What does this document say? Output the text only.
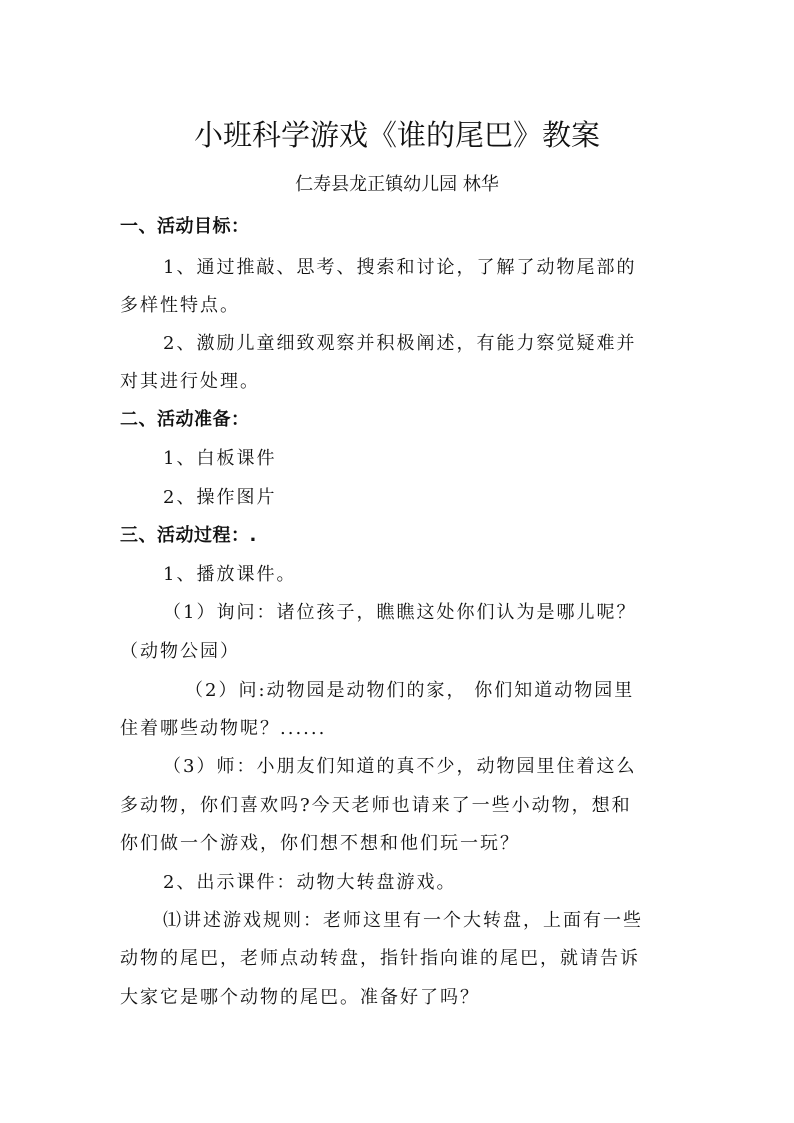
小班科学游戏《谁的尾巴》教案
仁寿县龙正镇幼儿园 林华
一、活动目标：
1、通过推敲、思考、搜索和讨论，了解了动物尾部的
多样性特点。
2、激励儿童细致观察并积极阐述，有能力察觉疑难并
对其进行处理。
二、活动准备：
1、白板课件
2、操作图片
三、活动过程：.
1、播放课件。
（1）询问：诸位孩子，瞧瞧这处你们认为是哪儿呢？
（动物公园）
（2）问:动物园是动物们的家， 你们知道动物园里
住着哪些动物呢？......
（3）师：小朋友们知道的真不少，动物园里住着这么
多动物，你们喜欢吗?今天老师也请来了一些小动物，想和
你们做一个游戏，你们想不想和他们玩一玩？
2、出示课件：动物大转盘游戏。
⑴讲述游戏规则：老师这里有一个大转盘，上面有一些
动物的尾巴，老师点动转盘，指针指向谁的尾巴，就请告诉
大家它是哪个动物的尾巴。准备好了吗？
